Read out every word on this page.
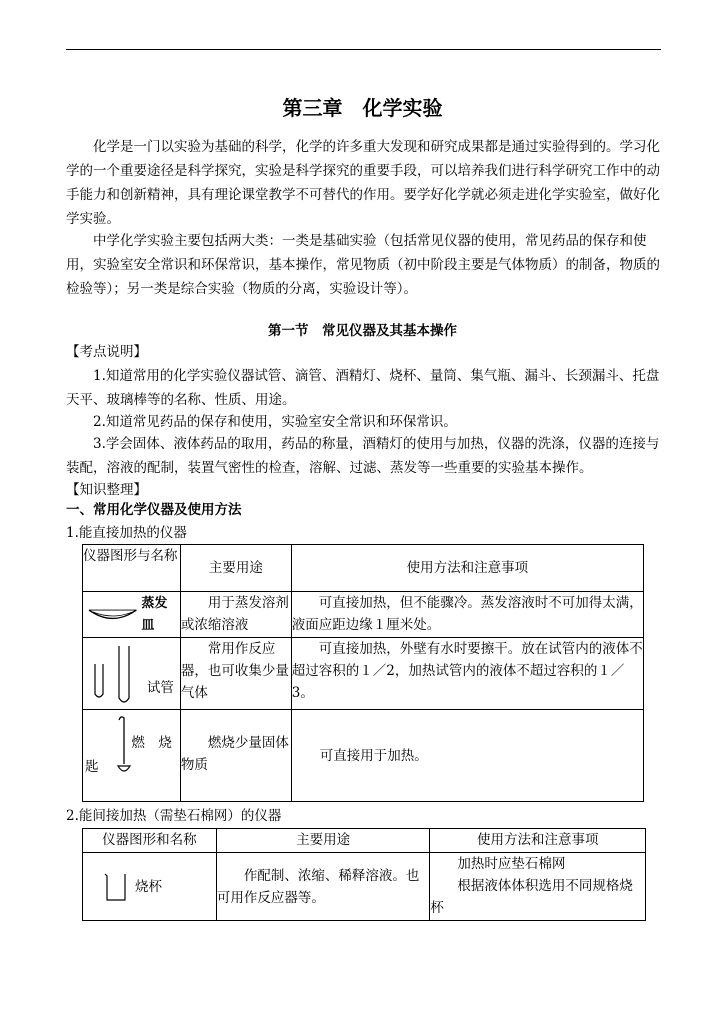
第三章　化学实验

化学是一门以实验为基础的科学，化学的许多重大发现和研究成果都是通过实验得到的。学习化学的一个重要途径是科学探究，实验是科学探究的重要手段，可以培养我们进行科学研究工作中的动手能力和创新精神，具有理论课堂教学不可替代的作用。要学好化学就必须走进化学实验室，做好化学实验。

中学化学实验主要包括两大类：一类是基础实验（包括常见仪器的使用，常见药品的保存和使用，实验室安全常识和环保常识，基本操作，常见物质（初中阶段主要是气体物质）的制备，物质的检验等）；另一类是综合实验（物质的分离，实验设计等）。

第一节　常见仪器及其基本操作
【考点说明】

1.知道常用的化学实验仪器试管、滴管、酒精灯、烧杯、量筒、集气瓶、漏斗、长颈漏斗、托盘天平、玻璃棒等的名称、性质、用途。

2.知道常见药品的保存和使用，实验室安全常识和环保常识。

3.学会固体、液体药品的取用，药品的称量，酒精灯的使用与加热，仪器的洗涤，仪器的连接与装配，溶液的配制，装置气密性的检查，溶解、过滤、蒸发等一些重要的实验基本操作。

【知识整理】
一、常用化学仪器及使用方法
1.能直接加热的仪器
仪器图形与名称	主要用途	使用方法和注意事项

蒸发皿	用于蒸发溶剂或浓缩溶液	可直接加热，但不能骤冷。蒸发溶液时不可加得太满，液面应距边缘１厘米处。

试管	常用作反应器，也可收集少量气体	可直接加热，外壁有水时要擦干。放在试管内的液体不超过容积的１／2，加热试管内的液体不超过容积的１／3。

燃　烧
匙	燃烧少量固体物质	可直接用于加热。
2.能间接加热（需垫石棉网）的仪器
仪器图形和名称	主要用途	使用方法和注意事项

烧杯	作配制、浓缩、稀释溶液。也可用作反应器等。	加热时应垫石棉网
根据液体体积选用不同规格烧杯
